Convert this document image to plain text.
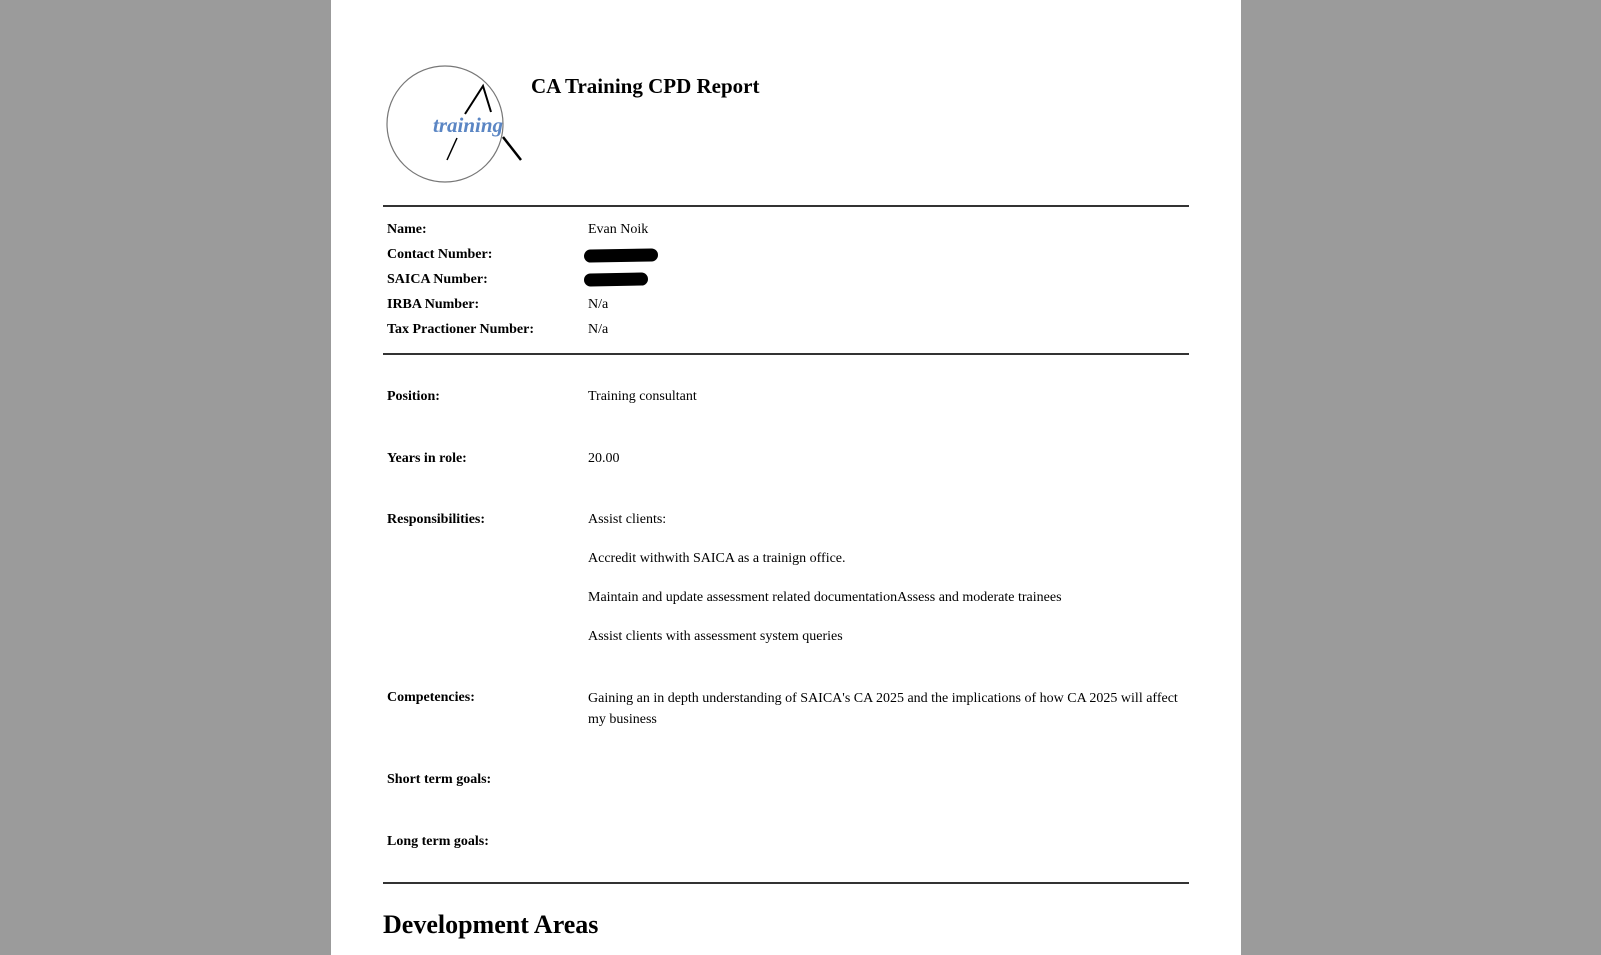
training
CA Training CPD Report
Name:	Evan Noik
Contact Number:
SAICA Number:
IRBA Number:	N/a
Tax Practioner Number:	N/a
Position:	Training consultant
Years in role:	20.00
Responsibilities:	Assist clients:
Accredit withwith SAICA as a trainign office.
Maintain and update assessment related documentationAssess and moderate trainees
Assist clients with assessment system queries
Competencies:	Gaining an in depth understanding of SAICA's CA 2025 and the implications of how CA 2025 will affect my business
Short term goals:
Long term goals:
Development Areas
